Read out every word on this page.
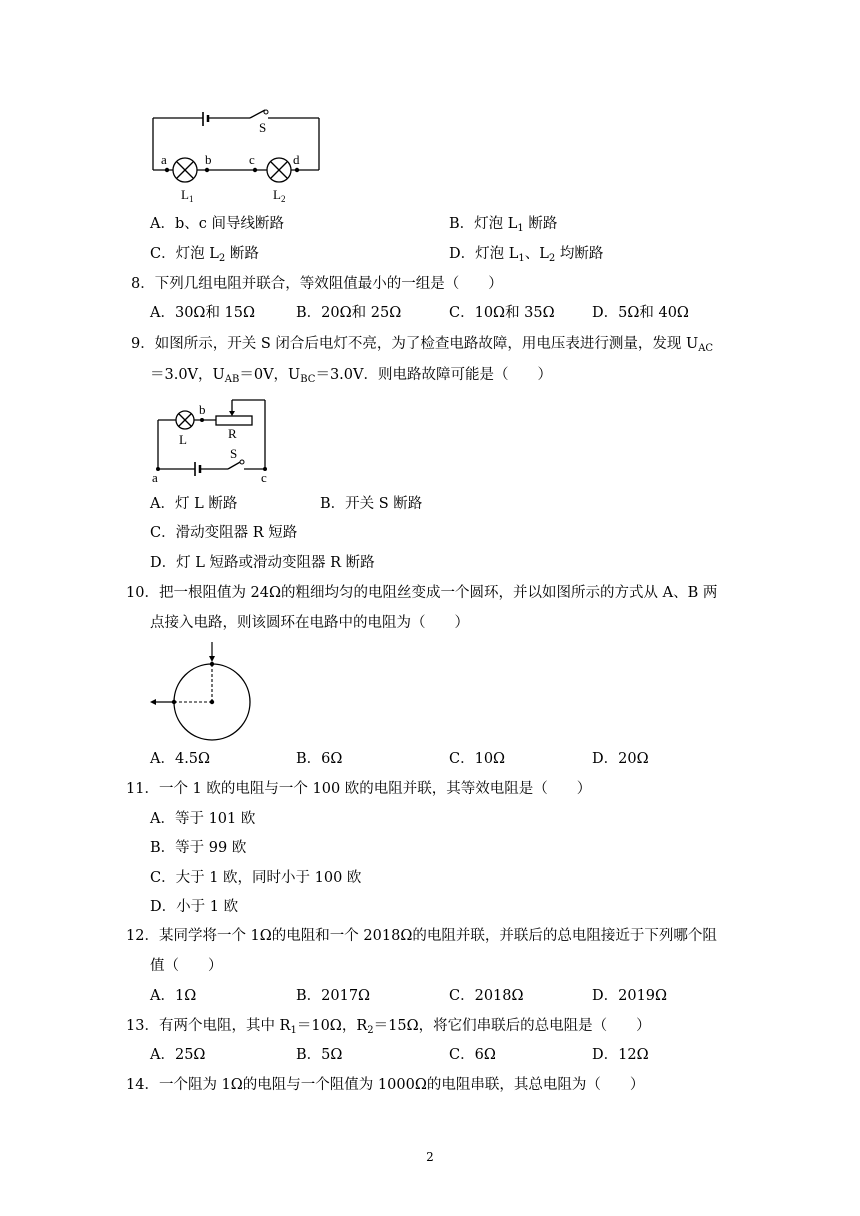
a	b	c	d
S
$L_1$	$L_2$
A．b、c 间导线断路	B．灯泡 $L_1$ 断路
C．灯泡 $L_2$ 断路	D．灯泡 $L_1$、$L_2$ 均断路
8．下列几组电阻并联合，等效阻值最小的一组是（　　）
A．30Ω和 15Ω	B．20Ω和 25Ω	C．10Ω和 35Ω	D．5Ω和 40Ω
9．如图所示，开关 S 闭合后电灯不亮，为了检查电路故障，用电压表进行测量，发现 $U_{AC}$
＝3.0V，$U_{AB}=0V$，$U_{BC}=3.0V$．则电路故障可能是（　　）
L
b
R
S
a	c
A．灯 L 断路	B．开关 S 断路
C．滑动变阻器 R 短路
D．灯 L 短路或滑动变阻器 R 断路
10．把一根阻值为 24Ω的粗细均匀的电阻丝变成一个圆环，并以如图所示的方式从 A、B 两
点接入电路，则该圆环在电路中的电阻为（　　）
A．4.5Ω	B．6Ω	C．10Ω	D．20Ω
11．一个 1 欧的电阻与一个 100 欧的电阻并联，其等效电阻是（　　）
A．等于 101 欧
B．等于 99 欧
C．大于 1 欧，同时小于 100 欧
D．小于 1 欧
12．某同学将一个 1Ω的电阻和一个 2018Ω的电阻并联，并联后的总电阻接近于下列哪个阻
值（　　）
A．1Ω	B．2017Ω	C．2018Ω	D．2019Ω
13．有两个电阻，其中 $R_1=10\Omega$，$R_2=15\Omega$，将它们串联后的总电阻是（　　）
A．25Ω	B．5Ω	C．6Ω	D．12Ω
14．一个阻为 1Ω的电阻与一个阻值为 1000Ω的电阻串联，其总电阻为（　　）
2
